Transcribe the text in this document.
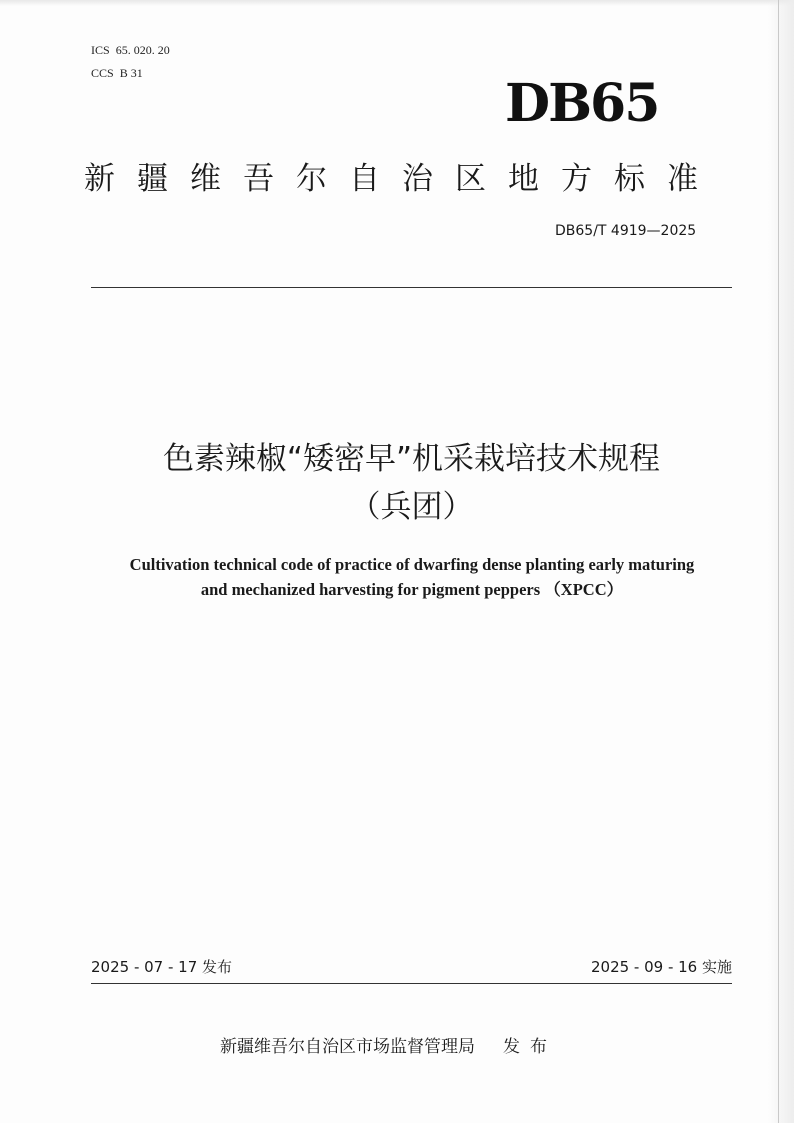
ICS 65. 020. 20
CCS B 31	DB65
新疆维吾尔自治区地方标准
DB65/T 4919—2025
色素辣椒“矮密早”机采栽培技术规程
（兵团）
Cultivation technical code of practice of dwarfing dense planting early maturing
and mechanized harvesting for pigment peppers （XPCC）
2025 - 07 - 17 发布	2025 - 09 - 16 实施
新疆维吾尔自治区市场监督管理局 发布
